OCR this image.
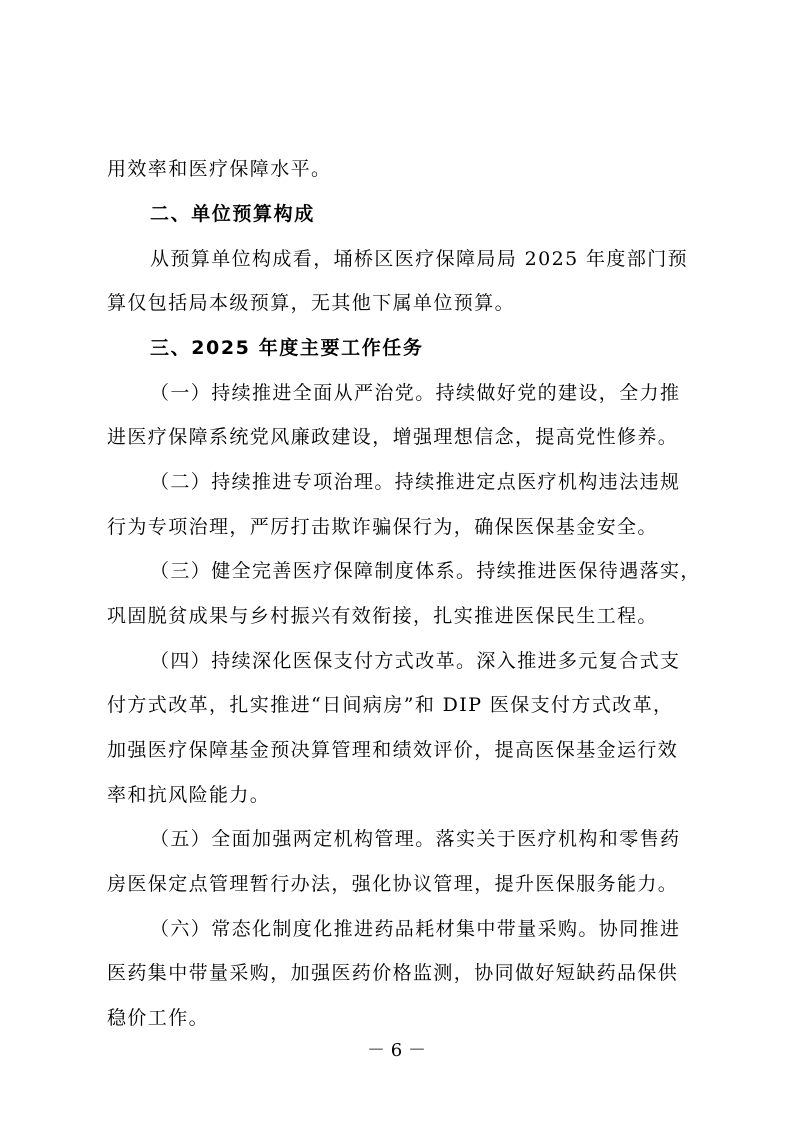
用效率和医疗保障水平。
二、单位预算构成
从预算单位构成看，埇桥区医疗保障局局 2025 年度部门预
算仅包括局本级预算，无其他下属单位预算。
三、2025 年度主要工作任务
（一）持续推进全面从严治党。持续做好党的建设，全力推
进医疗保障系统党风廉政建设，增强理想信念，提高党性修养。
（二）持续推进专项治理。持续推进定点医疗机构违法违规
行为专项治理，严厉打击欺诈骗保行为，确保医保基金安全。
（三）健全完善医疗保障制度体系。持续推进医保待遇落实，
巩固脱贫成果与乡村振兴有效衔接，扎实推进医保民生工程。
（四）持续深化医保支付方式改革。深入推进多元复合式支
付方式改革，扎实推进“日间病房”和 DIP 医保支付方式改革，
加强医疗保障基金预决算管理和绩效评价，提高医保基金运行效
率和抗风险能力。
（五）全面加强两定机构管理。落实关于医疗机构和零售药
房医保定点管理暂行办法，强化协议管理，提升医保服务能力。
（六）常态化制度化推进药品耗材集中带量采购。协同推进
医药集中带量采购，加强医药价格监测，协同做好短缺药品保供
稳价工作。
－ 6 －
